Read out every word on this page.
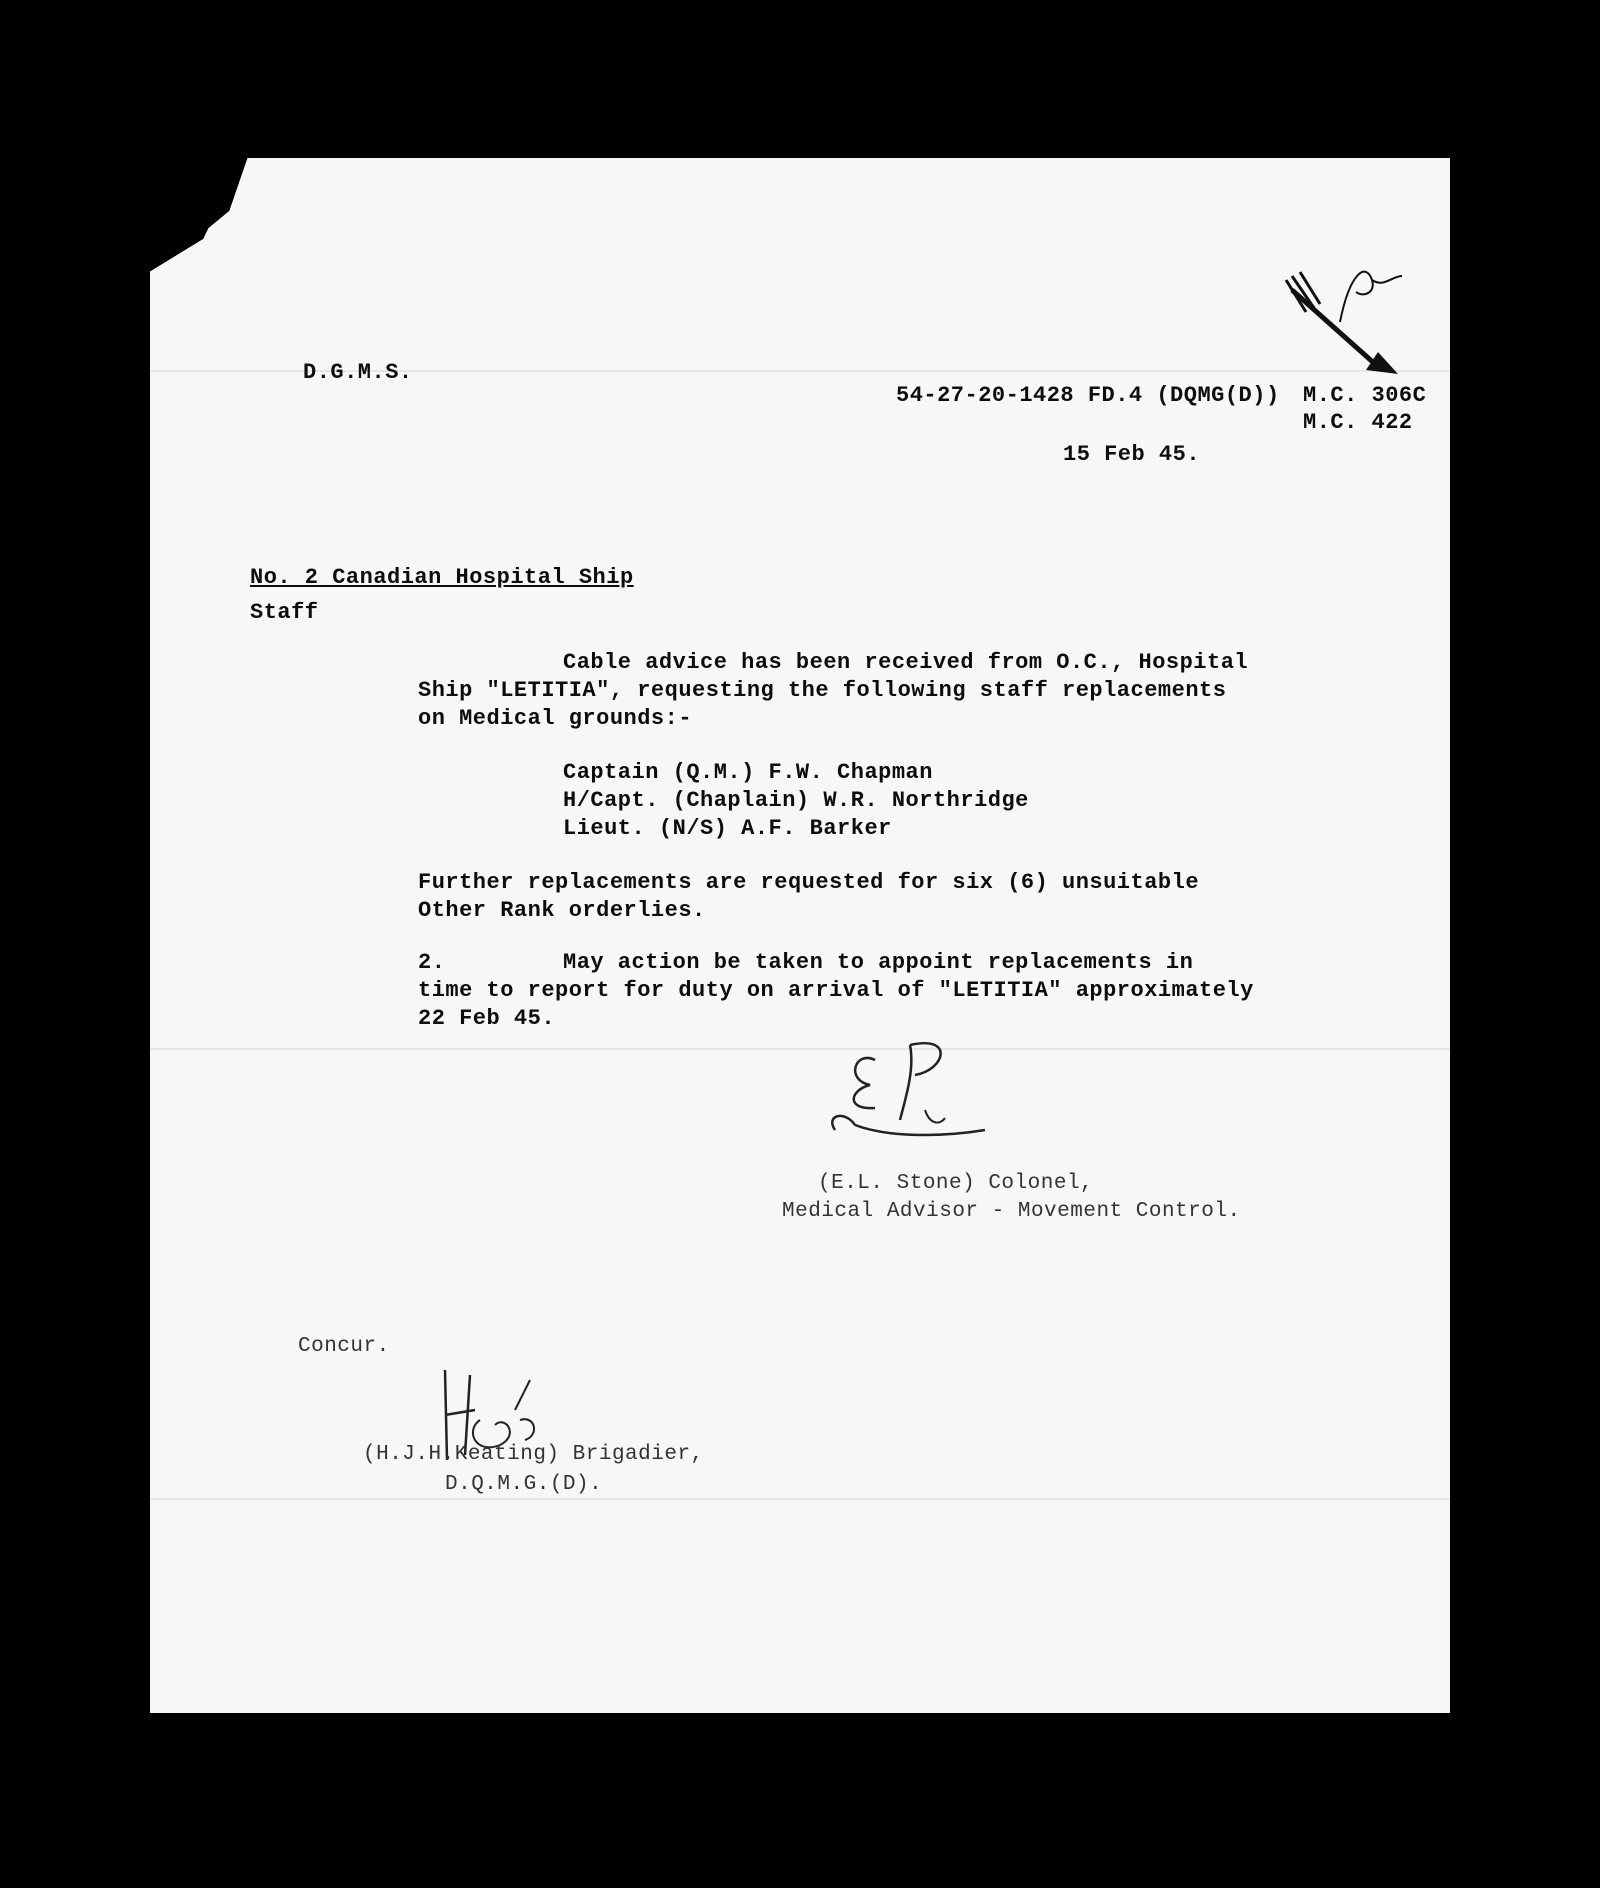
D.G.M.S.
54-27-20-1428 FD.4 (DQMG(D)) M.C. 306C
M.C. 422
15 Feb 45.
No. 2 Canadian Hospital Ship
Staff
Cable advice has been received from O.C., Hospital
Ship "LETITIA", requesting the following staff replacements
on Medical grounds:-
Captain (Q.M.) F.W. Chapman
H/Capt. (Chaplain) W.R. Northridge
Lieut. (N/S) A.F. Barker
Further replacements are requested for six (6) unsuitable
Other Rank orderlies.
2.	May action be taken to appoint replacements in
time to report for duty on arrival of "LETITIA" approximately
22 Feb 45.
(E.L. Stone) Colonel,
Medical Advisor - Movement Control.
Concur.
(H.J.H.Keating) Brigadier,
D.Q.M.G.(D).
